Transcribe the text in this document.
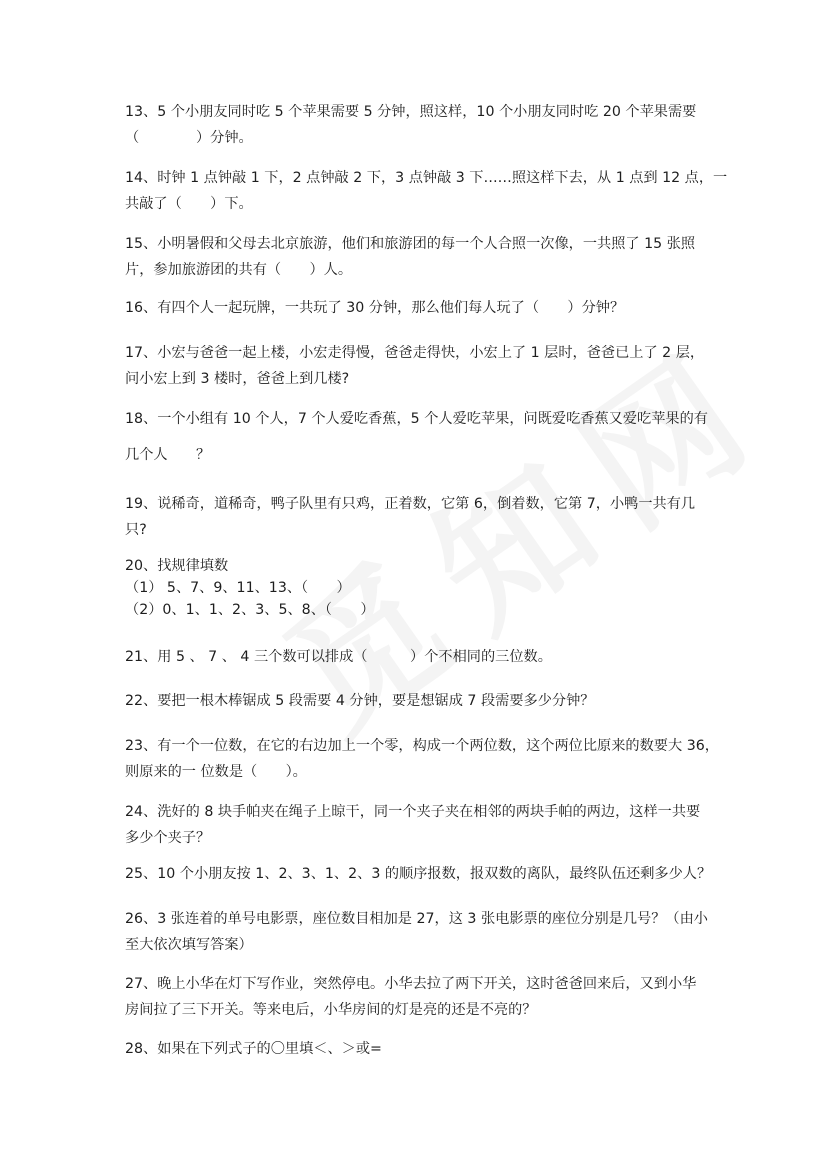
13、5 个小朋友同时吃 5 个苹果需要 5 分钟，照这样，10 个小朋友同时吃 20 个苹果需要
（　　　　）分钟。
14、时钟 1 点钟敲 1 下，2 点钟敲 2 下，3 点钟敲 3 下……照这样下去，从 1 点到 12 点，一
共敲了（　　）下。
15、小明暑假和父母去北京旅游，他们和旅游团的每一个人合照一次像，一共照了 15 张照
片，参加旅游团的共有（　　）人。
16、有四个人一起玩牌，一共玩了 30 分钟，那么他们每人玩了（　　）分钟？
17、小宏与爸爸一起上楼，小宏走得慢，爸爸走得快，小宏上了 1 层时，爸爸已上了 2 层，
问小宏上到 3 楼时，爸爸上到几楼?
18、一个小组有 10 个人，7 个人爱吃香蕉，5 个人爱吃苹果，问既爱吃香蕉又爱吃苹果的有
几个人　　？
19、说稀奇，道稀奇，鸭子队里有只鸡，正着数，它第 6，倒着数，它第 7，小鸭一共有几
只?
20、找规律填数
（1） 5、7、9、11、13、（　　）
（2）0、1、1、2、3、5、8、（　　）
21、用 5 、 7 、 4 三个数可以排成（　　　）个不相同的三位数。
22、要把一根木棒锯成 5 段需要 4 分钟，要是想锯成 7 段需要多少分钟？
23、有一个一位数，在它的右边加上一个零，构成一个两位数，这个两位比原来的数要大 36，
则原来的一 位数是（　　）。
24、洗好的 8 块手帕夹在绳子上晾干，同一个夹子夹在相邻的两块手帕的两边，这样一共要
多少个夹子？
25、10 个小朋友按 1、2、3、1、2、3 的顺序报数，报双数的离队，最终队伍还剩多少人？
26、3 张连着的单号电影票，座位数目相加是 27，这 3 张电影票的座位分别是几号？（由小
至大依次填写答案）
27、晚上小华在灯下写作业，突然停电。小华去拉了两下开关，这时爸爸回来后，又到小华
房间拉了三下开关。等来电后，小华房间的灯是亮的还是不亮的？
28、如果在下列式子的〇里填＜、＞或=
